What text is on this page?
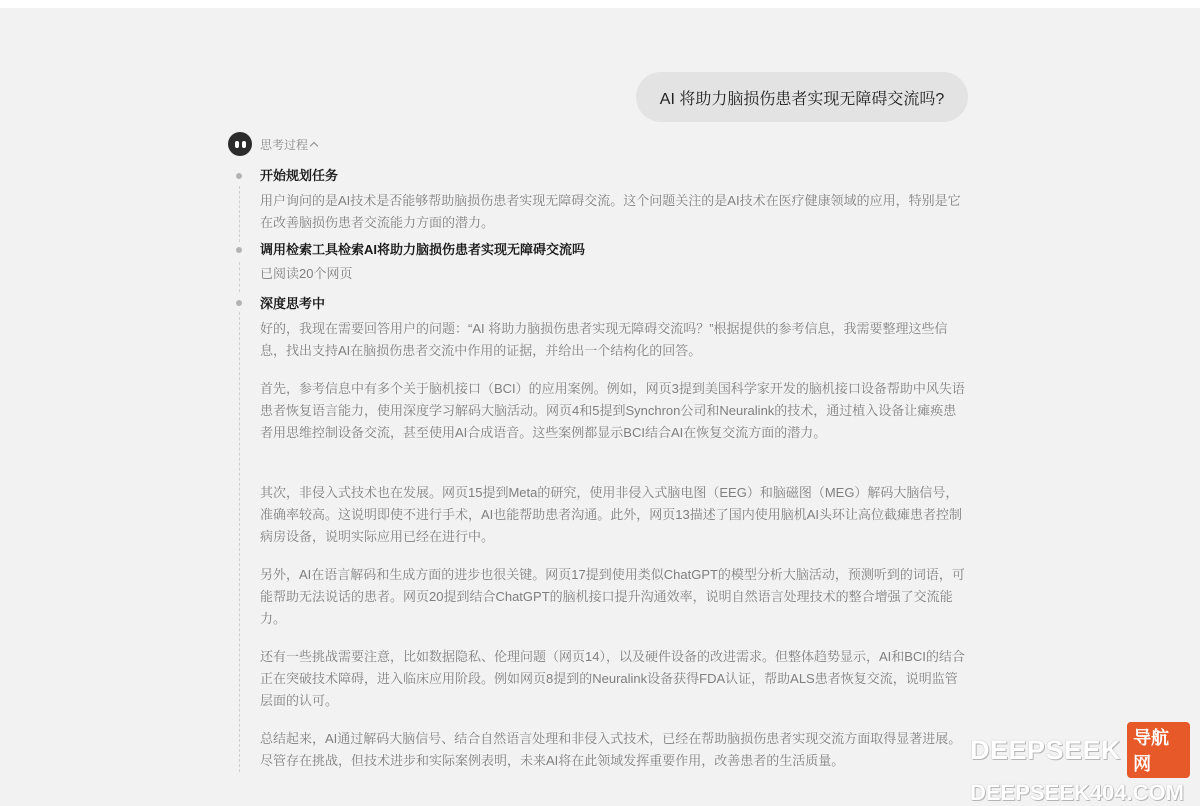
AI 将助力脑损伤患者实现无障碍交流吗?
思考过程
开始规划任务

用户询问的是AI技术是否能够帮助脑损伤患者实现无障碍交流。这个问题关注的是AI技术在医疗健康领域的应用，特别是它在改善脑损伤患者交流能力方面的潜力。

调用检索工具检索AI将助力脑损伤患者实现无障碍交流吗

已阅读20个网页

深度思考中

好的，我现在需要回答用户的问题：“AI 将助力脑损伤患者实现无障碍交流吗？”根据提供的参考信息，我需要整理这些信息，找出支持AI在脑损伤患者交流中作用的证据，并给出一个结构化的回答。

首先，参考信息中有多个关于脑机接口（BCI）的应用案例。例如，网页3提到美国科学家开发的脑机接口设备帮助中风失语患者恢复语言能力，使用深度学习解码大脑活动。网页4和5提到Synchron公司和Neuralink的技术，通过植入设备让瘫痪患者用思维控制设备交流，甚至使用AI合成语音。这些案例都显示BCI结合AI在恢复交流方面的潜力。

其次，非侵入式技术也在发展。网页15提到Meta的研究，使用非侵入式脑电图（EEG）和脑磁图（MEG）解码大脑信号，准确率较高。这说明即使不进行手术，AI也能帮助患者沟通。此外，网页13描述了国内使用脑机AI头环让高位截瘫患者控制病房设备，说明实际应用已经在进行中。

另外，AI在语言解码和生成方面的进步也很关键。网页17提到使用类似ChatGPT的模型分析大脑活动，预测听到的词语，可能帮助无法说话的患者。网页20提到结合ChatGPT的脑机接口提升沟通效率，说明自然语言处理技术的整合增强了交流能力。

还有一些挑战需要注意，比如数据隐私、伦理问题（网页14），以及硬件设备的改进需求。但整体趋势显示，AI和BCI的结合正在突破技术障碍，进入临床应用阶段。例如网页8提到的Neuralink设备获得FDA认证，帮助ALS患者恢复交流，说明监管层面的认可。

总结起来，AI通过解码大脑信号、结合自然语言处理和非侵入式技术，已经在帮助脑损伤患者实现交流方面取得显著进展。尽管存在挑战，但技术进步和实际案例表明，未来AI将在此领域发挥重要作用，改善患者的生活质量。	DEEPSEEK 导航网
DEEPSEEK404.COM
